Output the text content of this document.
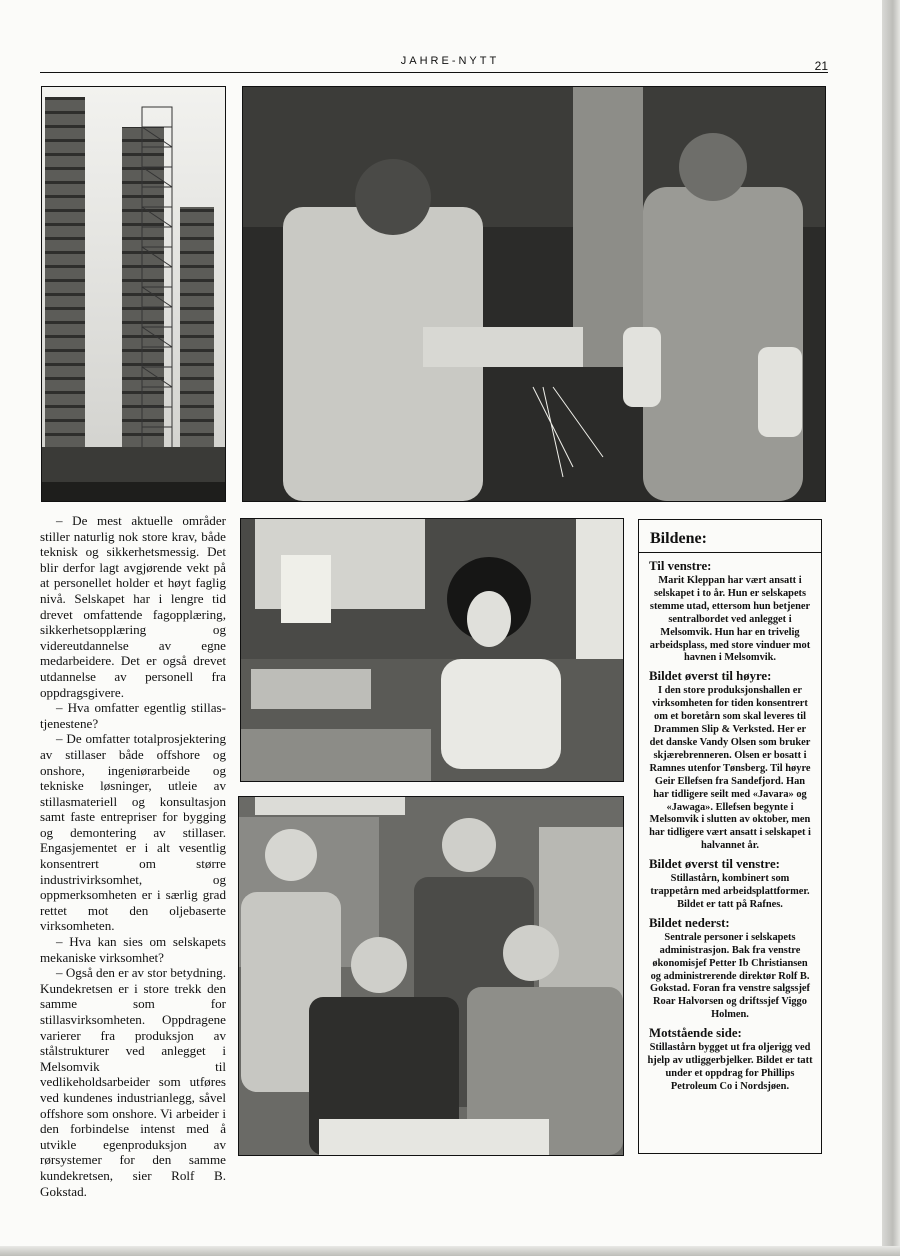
JAHRE-NYTT	21

– De mest aktuelle områder stiller naturlig nok store krav, både teknisk og sikkerhetsmessig. Det blir derfor lagt avgjørende vekt på at personellet holder et høyt faglig nivå. Selskapet har i lengre tid drevet omfattende fagopplæring, sikkerhetsopplæring og videreutdannelse av egne medarbeidere. Det er også drevet utdannelse av personell fra oppdragsgivere.

– Hva omfatter egentlig stillas-tjenestene?

– De omfatter totalprosjektering av stillaser både offshore og onshore, ingeniørarbeide og tekniske løsninger, utleie av stillasmateriell og konsultasjon samt faste entrepriser for bygging og demontering av stillaser. Engasjementet er i alt vesentlig konsentrert om større industrivirksomhet, og oppmerksomheten er i særlig grad rettet mot den oljebaserte virksomheten.

– Hva kan sies om selskapets mekaniske virksomhet?

– Også den er av stor betydning. Kundekretsen er i store trekk den samme som for stillasvirksomheten. Oppdragene varierer fra produksjon av stålstrukturer ved anlegget i Melsomvik til vedlikeholdsarbeider som utføres ved kundenes industrianlegg, såvel offshore som onshore. Vi arbeider i den forbindelse intenst med å utvikle egenproduksjon av rørsystemer for den samme kundekretsen, sier Rolf B. Gokstad.

Bildene:
Til venstre:
Marit Kleppan har vært ansatt i selskapet i to år. Hun er selskapets stemme utad, ettersom hun betjener sentralbordet ved anlegget i Melsomvik. Hun har en trivelig arbeidsplass, med store vinduer mot havnen i Melsomvik.
Bildet øverst til høyre:
I den store produksjonshallen er virksomheten for tiden konsentrert om et boretårn som skal leveres til Drammen Slip & Verksted. Her er det danske Vandy Olsen som bruker skjærebrenneren. Olsen er bosatt i Ramnes utenfor Tønsberg. Til høyre Geir Ellefsen fra Sandefjord. Han har tidligere seilt med «Javara» og «Jawaga». Ellefsen begynte i Melsomvik i slutten av oktober, men har tidligere vært ansatt i selskapet i halvannet år.
Bildet øverst til venstre:
Stillastårn, kombinert som trappetårn med arbeidsplattformer. Bildet er tatt på Rafnes.
Bildet nederst:
Sentrale personer i selskapets administrasjon. Bak fra venstre økonomisjef Petter Ib Christiansen og administrerende direktør Rolf B. Gokstad. Foran fra venstre salgssjef Roar Halvorsen og driftssjef Viggo Holmen.
Motstående side:
Stillastårn bygget ut fra oljerigg ved hjelp av utliggerbjelker. Bildet er tatt under et oppdrag for Phillips Petroleum Co i Nordsjøen.
